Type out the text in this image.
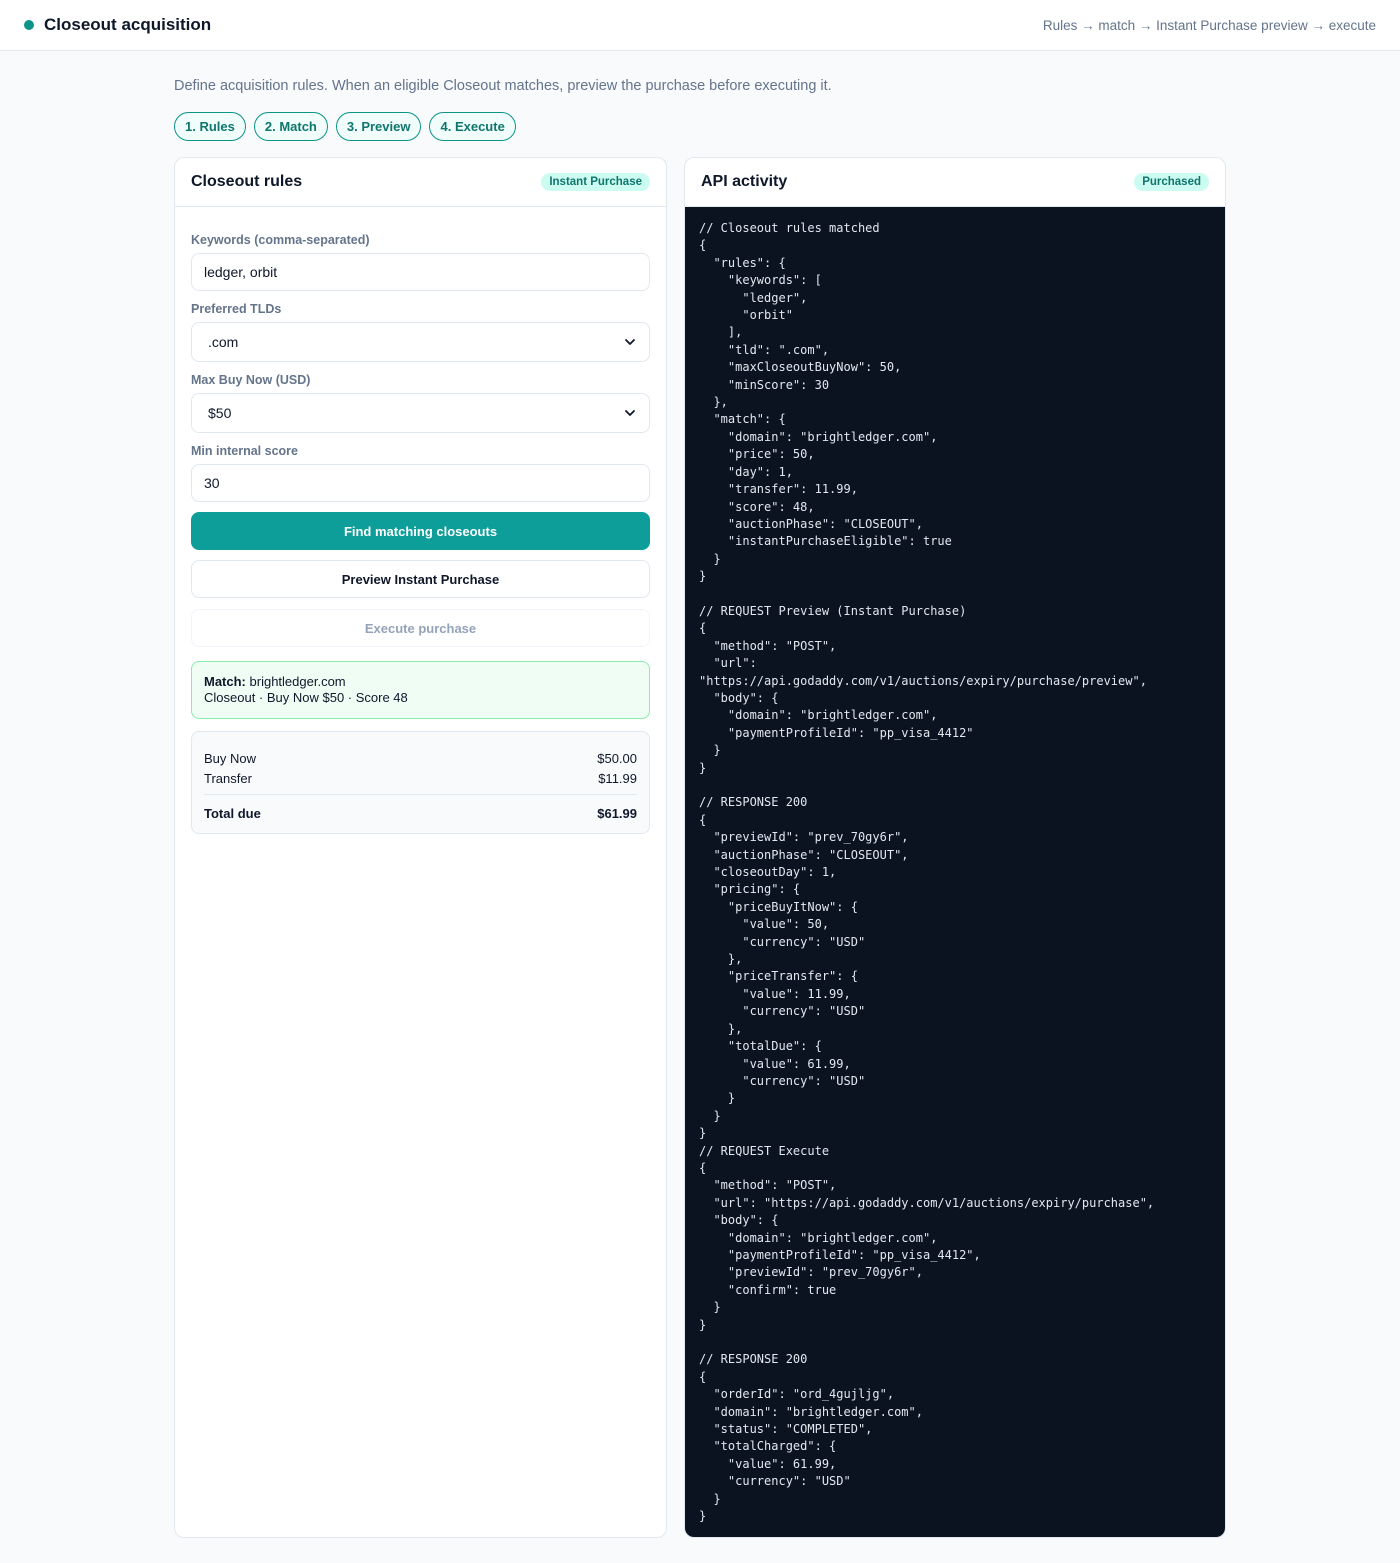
Closeout acquisition	Rules → match → Instant Purchase preview → execute
Define acquisition rules. When an eligible Closeout matches, preview the purchase before executing it.
1. Rules	2. Match	3. Preview	4. Execute
Closeout rules	Instant Purchase
Keywords (comma-separated)
ledger, orbit
Preferred TLDs
.com
Max Buy Now (USD)
$50
Min internal score
30
Find matching closeouts
Preview Instant Purchase
Execute purchase
Match: brightledger.com
Closeout · Buy Now $50 · Score 48
Buy Now	$50.00
Transfer	$11.99
Total due	$61.99
API activity	Purchased
// Closeout rules matched
{
"rules": {
"keywords": [
"ledger",
"orbit"
],
"tld": ".com",
"maxCloseoutBuyNow": 50,
"minScore": 30
},
"match": {
"domain": "brightledger.com",
"price": 50,
"day": 1,
"transfer": 11.99,
"score": 48,
"auctionPhase": "CLOSEOUT",
"instantPurchaseEligible": true
}
}

// REQUEST Preview (Instant Purchase)
{
"method": "POST",
"url":
"https://api.godaddy.com/v1/auctions/expiry/purchase/preview",
"body": {
"domain": "brightledger.com",
"paymentProfileId": "pp_visa_4412"
}
}

// RESPONSE 200
{
"previewId": "prev_70gy6r",
"auctionPhase": "CLOSEOUT",
"closeoutDay": 1,
"pricing": {
"priceBuyItNow": {
"value": 50,
"currency": "USD"
},
"priceTransfer": {
"value": 11.99,
"currency": "USD"
},
"totalDue": {
"value": 61.99,
"currency": "USD"
}
}
}
// REQUEST Execute
{
"method": "POST",
"url": "https://api.godaddy.com/v1/auctions/expiry/purchase",
"body": {
"domain": "brightledger.com",
"paymentProfileId": "pp_visa_4412",
"previewId": "prev_70gy6r",
"confirm": true
}
}

// RESPONSE 200
{
"orderId": "ord_4gujljg",
"domain": "brightledger.com",
"status": "COMPLETED",
"totalCharged": {
"value": 61.99,
"currency": "USD"
}
}
